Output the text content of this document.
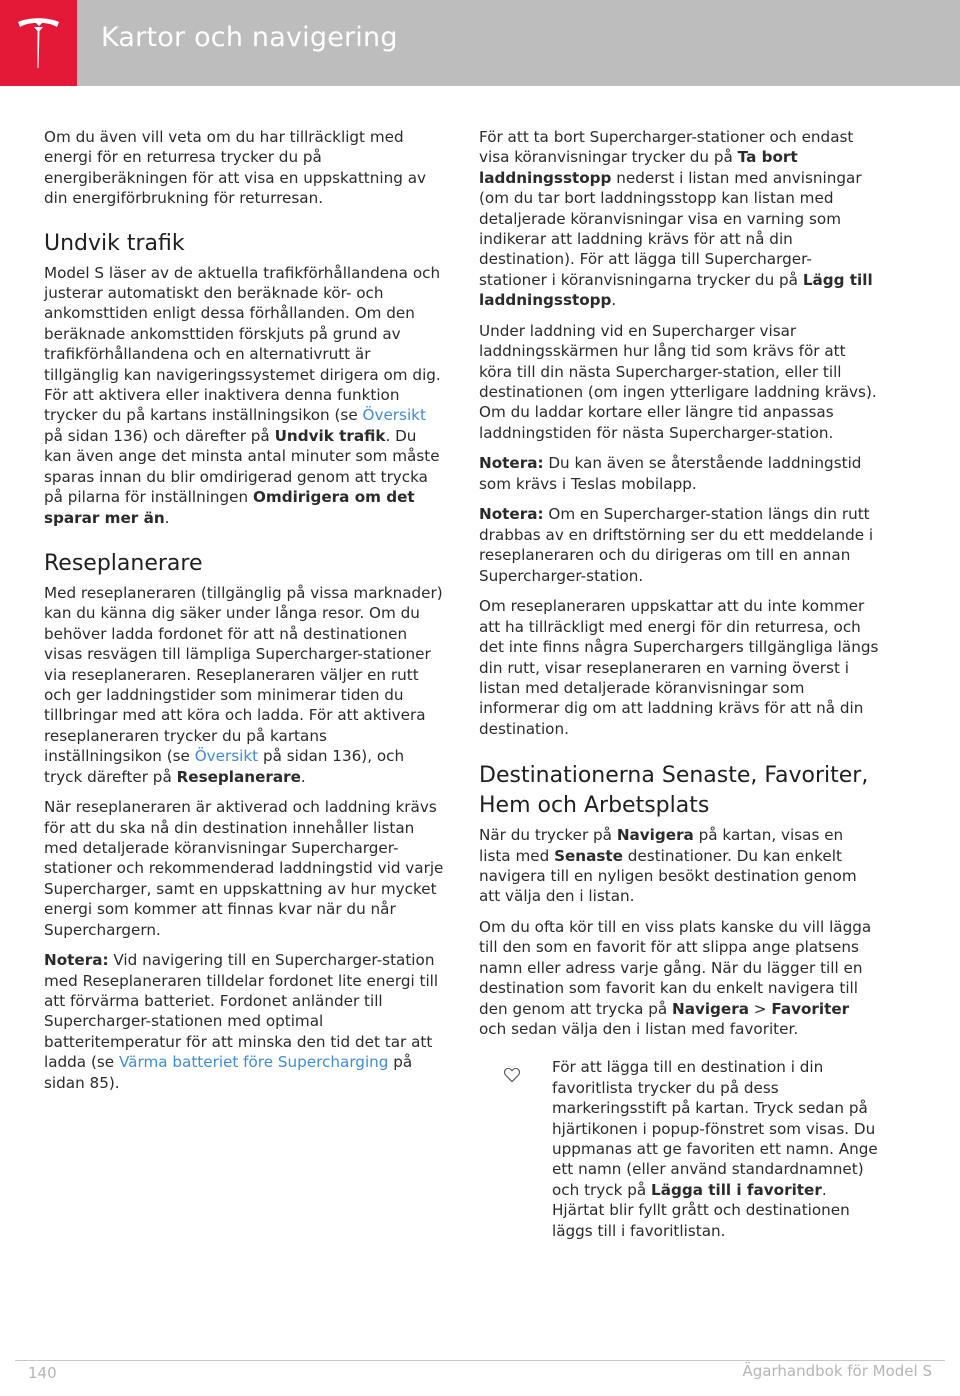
Kartor och navigering

Om du även vill veta om du har tillräckligt med energi för en returresa trycker du på energiberäkningen för att visa en uppskattning av din energiförbrukning för returresan.

Undvik trafik

Model S läser av de aktuella trafikförhållandena och justerar automatiskt den beräknade kör- och ankomsttiden enligt dessa förhållanden. Om den beräknade ankomsttiden förskjuts på grund av trafikförhållandena och en alternativrutt är tillgänglig kan navigeringssystemet dirigera om dig. För att aktivera eller inaktivera denna funktion trycker du på kartans inställningsikon (se Översikt på sidan 136) och därefter på Undvik trafik. Du kan även ange det minsta antal minuter som måste sparas innan du blir omdirigerad genom att trycka på pilarna för inställningen Omdirigera om det sparar mer än.

Reseplanerare

Med reseplaneraren (tillgänglig på vissa marknader) kan du känna dig säker under långa resor. Om du behöver ladda fordonet för att nå destinationen visas resvägen till lämpliga Supercharger-stationer via reseplaneraren. Reseplaneraren väljer en rutt och ger laddningstider som minimerar tiden du tillbringar med att köra och ladda. För att aktivera reseplaneraren trycker du på kartans inställningsikon (se Översikt på sidan 136), och tryck därefter på Reseplanerare.

När reseplaneraren är aktiverad och laddning krävs för att du ska nå din destination innehåller listan med detaljerade köranvisningar Supercharger-stationer och rekommenderad laddningstid vid varje Supercharger, samt en uppskattning av hur mycket energi som kommer att finnas kvar när du når Superchargern.

Notera: Vid navigering till en Supercharger-station med Reseplaneraren tilldelar fordonet lite energi till att förvärma batteriet. Fordonet anländer till Supercharger-stationen med optimal batteritemperatur för att minska den tid det tar att ladda (se Värma batteriet före Supercharging på sidan 85).

För att ta bort Supercharger-stationer och endast visa köranvisningar trycker du på Ta bort laddningsstopp nederst i listan med anvisningar (om du tar bort laddningsstopp kan listan med detaljerade köranvisningar visa en varning som indikerar att laddning krävs för att nå din destination). För att lägga till Supercharger-stationer i köranvisningarna trycker du på Lägg till laddningsstopp.

Under laddning vid en Supercharger visar laddningsskärmen hur lång tid som krävs för att köra till din nästa Supercharger-station, eller till destinationen (om ingen ytterligare laddning krävs). Om du laddar kortare eller längre tid anpassas laddningstiden för nästa Supercharger-station.

Notera: Du kan även se återstående laddningstid som krävs i Teslas mobilapp.

Notera: Om en Supercharger-station längs din rutt drabbas av en driftstörning ser du ett meddelande i reseplaneraren och du dirigeras om till en annan Supercharger-station.

Om reseplaneraren uppskattar att du inte kommer att ha tillräckligt med energi för din returresa, och det inte finns några Superchargers tillgängliga längs din rutt, visar reseplaneraren en varning överst i listan med detaljerade köranvisningar som informerar dig om att laddning krävs för att nå din destination.

Destinationerna Senaste, Favoriter, Hem och Arbetsplats

När du trycker på Navigera på kartan, visas en lista med Senaste destinationer. Du kan enkelt navigera till en nyligen besökt destination genom att välja den i listan.

Om du ofta kör till en viss plats kanske du vill lägga till den som en favorit för att slippa ange platsens namn eller adress varje gång. När du lägger till en destination som favorit kan du enkelt navigera till den genom att trycka på Navigera > Favoriter och sedan välja den i listan med favoriter.

För att lägga till en destination i din favoritlista trycker du på dess markeringsstift på kartan. Tryck sedan på hjärtikonen i popup-fönstret som visas. Du uppmanas att ge favoriten ett namn. Ange ett namn (eller använd standardnamnet) och tryck på Lägga till i favoriter. Hjärtat blir fyllt grått och destinationen läggs till i favoritlistan.

140	Ägarhandbok för Model S
